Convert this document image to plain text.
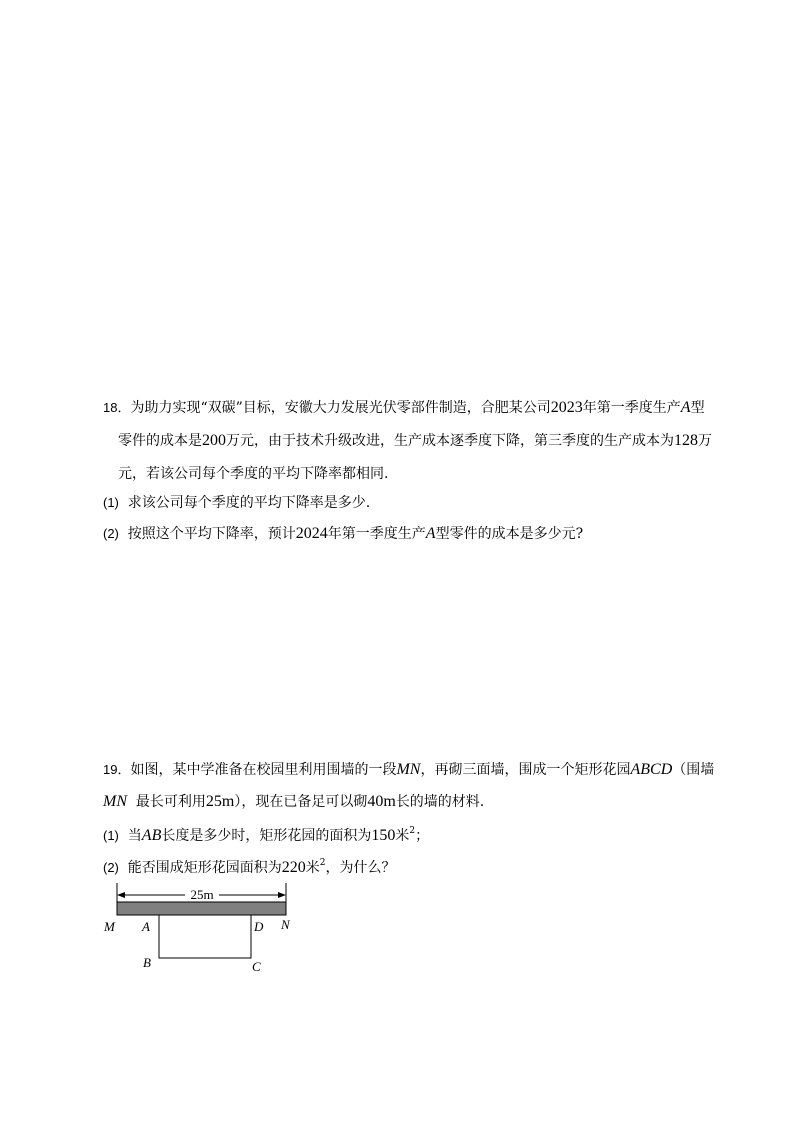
18．为助力实现“双碳”目标，安徽大力发展光伏零部件制造，合肥某公司2023年第一季度生产A型
零件的成本是200万元，由于技术升级改进，生产成本逐季度下降，第三季度的生产成本为128万
元，若该公司每个季度的平均下降率都相同.
(1) 求该公司每个季度的平均下降率是多少.
(2) 按照这个平均下降率，预计2024年第一季度生产A型零件的成本是多少元?
19．如图，某中学准备在校园里利用围墙的一段MN，再砌三面墙，围成一个矩形花园ABCD（围墙
MN 最长可利用25m），现在已备足可以砌40m长的墙的材料.
(1) 当AB长度是多少时，矩形花园的面积为150米$^2$；
(2) 能否围成矩形花园面积为220米$^2$，为什么？
25m
M A	D N
B	C
